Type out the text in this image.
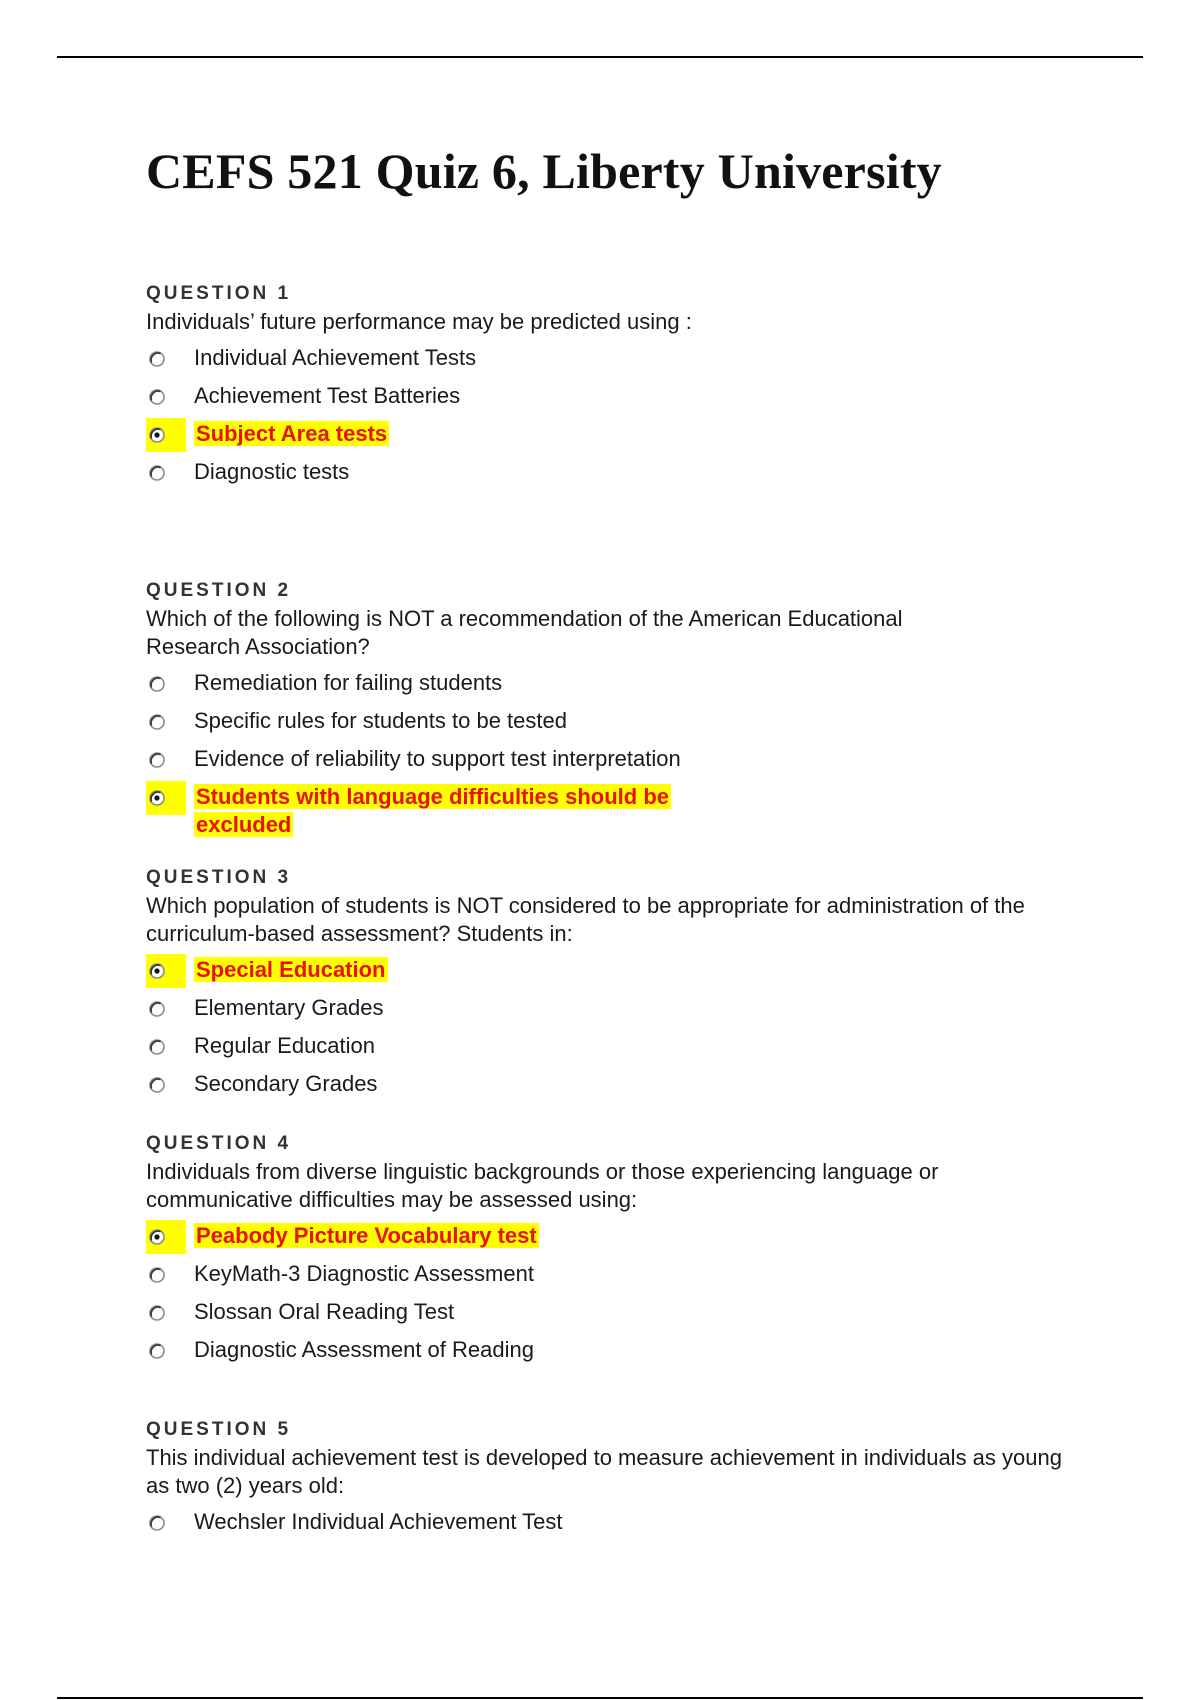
CEFS 521 Quiz 6, Liberty University
QUESTION 1
Individuals’ future performance may be predicted using :
Individual Achievement Tests
Achievement Test Batteries
Subject Area tests
Diagnostic tests
QUESTION 2
Which of the following is NOT a recommendation of the American Educational Research Association?
Remediation for failing students
Specific rules for students to be tested
Evidence of reliability to support test interpretation
Students with language difficulties should be excluded
QUESTION 3
Which population of students is NOT considered to be appropriate for administration of the curriculum-based assessment? Students in:
Special Education
Elementary Grades
Regular Education
Secondary Grades
QUESTION 4
Individuals from diverse linguistic backgrounds or those experiencing language or communicative difficulties may be assessed using:
Peabody Picture Vocabulary test
KeyMath-3 Diagnostic Assessment
Slossan Oral Reading Test
Diagnostic Assessment of Reading
QUESTION 5
This individual achievement test is developed to measure achievement in individuals as young as two (2) years old:
Wechsler Individual Achievement Test
